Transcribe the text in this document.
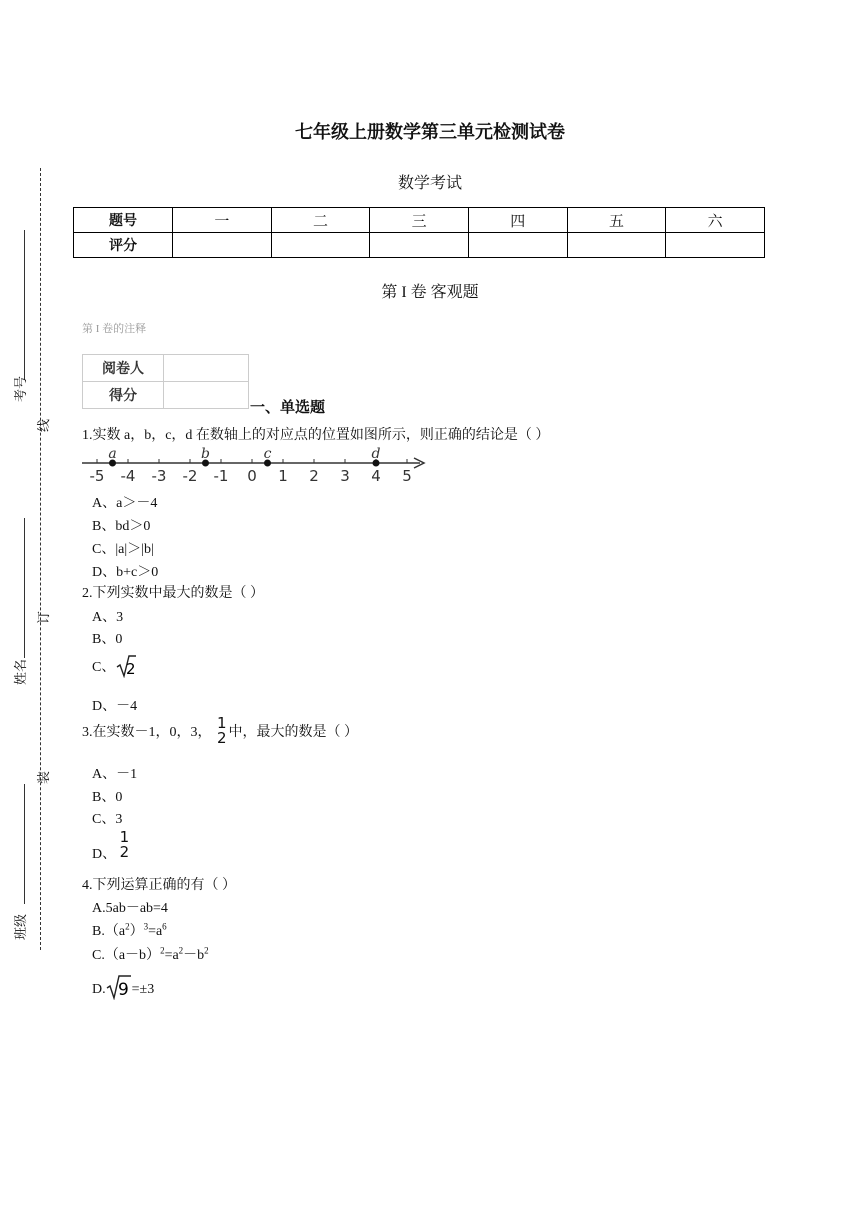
考号
线
姓名
订
装
班级
七年级上册数学第三单元检测试卷
数学考试
题号	一	二	三	四	五	六
评分						
第 I 卷 客观题
第 I 卷的注释
阅卷人	
得分	
一、单选题
1.实数 a，b，c，d 在数轴上的对应点的位置如图所示，则正确的结论是（ ）
-5 -4 -3 -2 -1 0 1 2 3 4 5
a	b	c	d
A、a＞－4
B、bd＞0
C、|a|＞|b|
D、b+c＞0
2.下列实数中最大的数是（ ）
A、3
B、0
C、 2
D、－4
3.在实数－1，0，3，
1
2 中，最大的数是（ ）
A、－1
B、0
C、3
D、
1
2
4.下列运算正确的有（ ）
A.5ab－ab=4
$B.(a^2)^3=a^6$
$C.(a-b)^2=a^2-b^2$
D. 9 =±3
